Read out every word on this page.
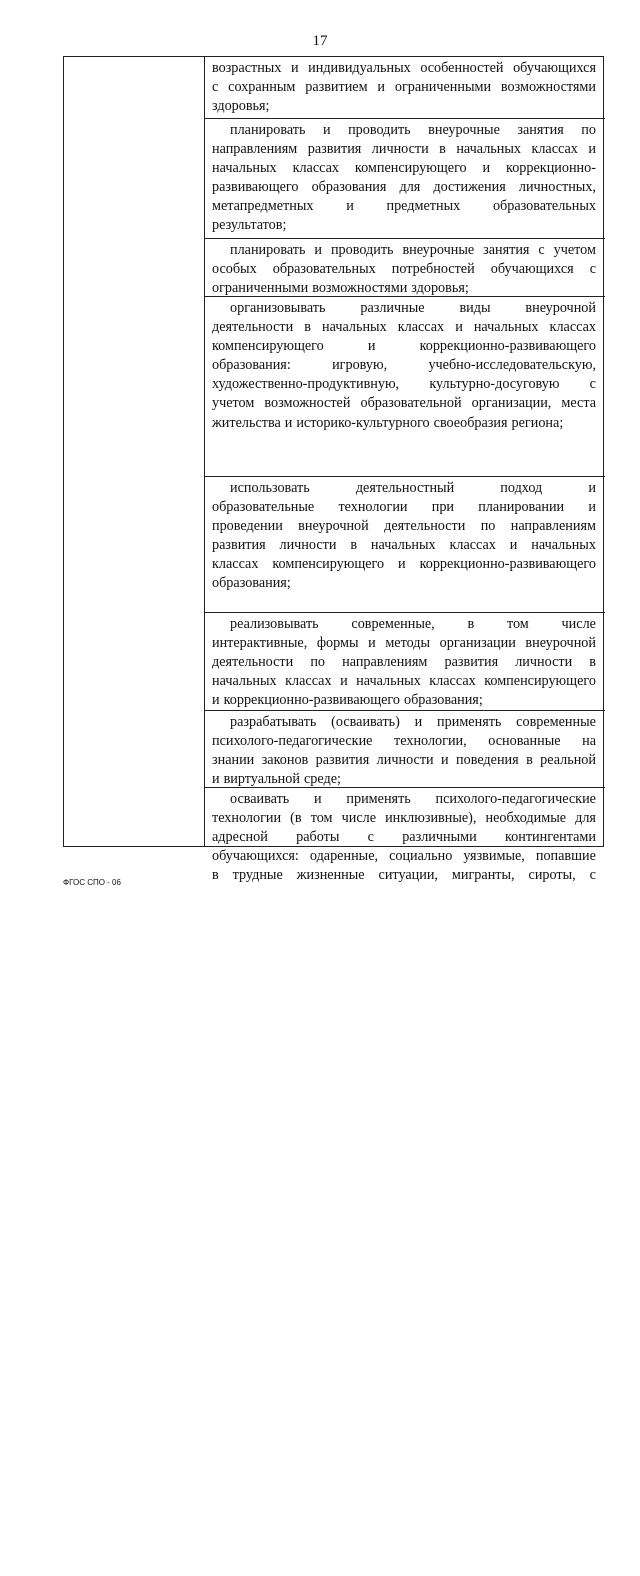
17
возрастных и индивидуальных особенностей обучающихся
с сохранным развитием и ограниченными возможностями
здоровья;
планировать и проводить внеурочные занятия по
направлениям развития личности в начальных классах и
начальных классах компенсирующего и коррекционно-
развивающего образования для достижения личностных,
метапредметных и предметных образовательных
результатов;
планировать и проводить внеурочные занятия с учетом
особых образовательных потребностей обучающихся с
ограниченными возможностями здоровья;
организовывать различные виды внеурочной
деятельности в начальных классах и начальных классах
компенсирующего	и	коррекционно-развивающего
образования:	игровую,	учебно-исследовательскую,
художественно-продуктивную, культурно-досуговую с
учетом возможностей образовательной организации, места
жительства и историко-культурного своеобразия региона;
использовать	деятельностный	подход	и
образовательные технологии при планировании и
проведении внеурочной деятельности по направлениям
развития личности в начальных классах и начальных
классах компенсирующего и коррекционно-развивающего
образования;
реализовывать современные, в том числе
интерактивные, формы и методы организации внеурочной
деятельности по направлениям развития личности в
начальных классах и начальных классах компенсирующего
и коррекционно-развивающего образования;
разрабатывать (осваивать) и применять современные
психолого-педагогические технологии, основанные на
знании законов развития личности и поведения в реальной
и виртуальной среде;
осваивать и применять психолого-педагогические
технологии (в том числе инклюзивные), необходимые для
адресной работы с различными контингентами
обучающихся: одаренные, социально уязвимые, попавшие
в трудные жизненные ситуации, мигранты, сироты, с
ФГОС СПО - 06
